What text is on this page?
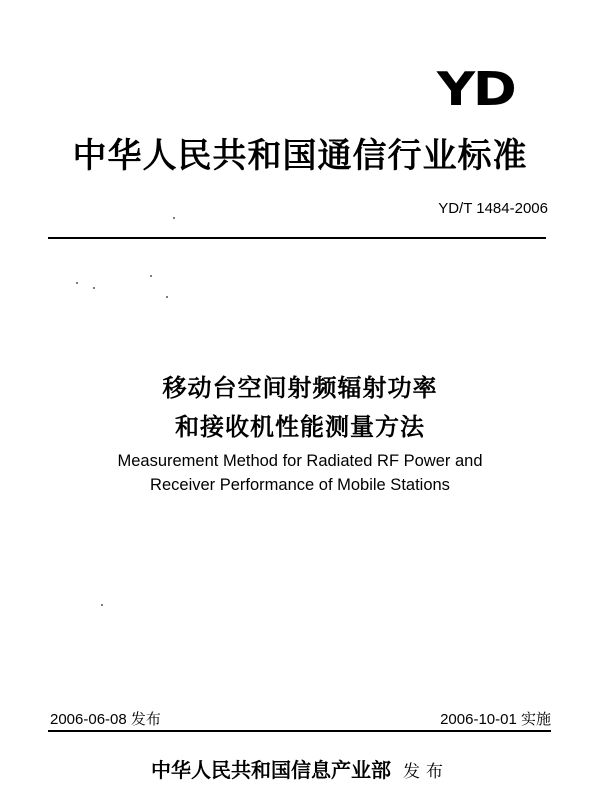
YD
中华人民共和国通信行业标准
YD/T 1484-2006
移动台空间射频辐射功率
和接收机性能测量方法
Measurement Method for Radiated RF Power and
Receiver Performance of Mobile Stations
2006-06-08 发布	2006-10-01 实施
中华人民共和国信息产业部 发布
